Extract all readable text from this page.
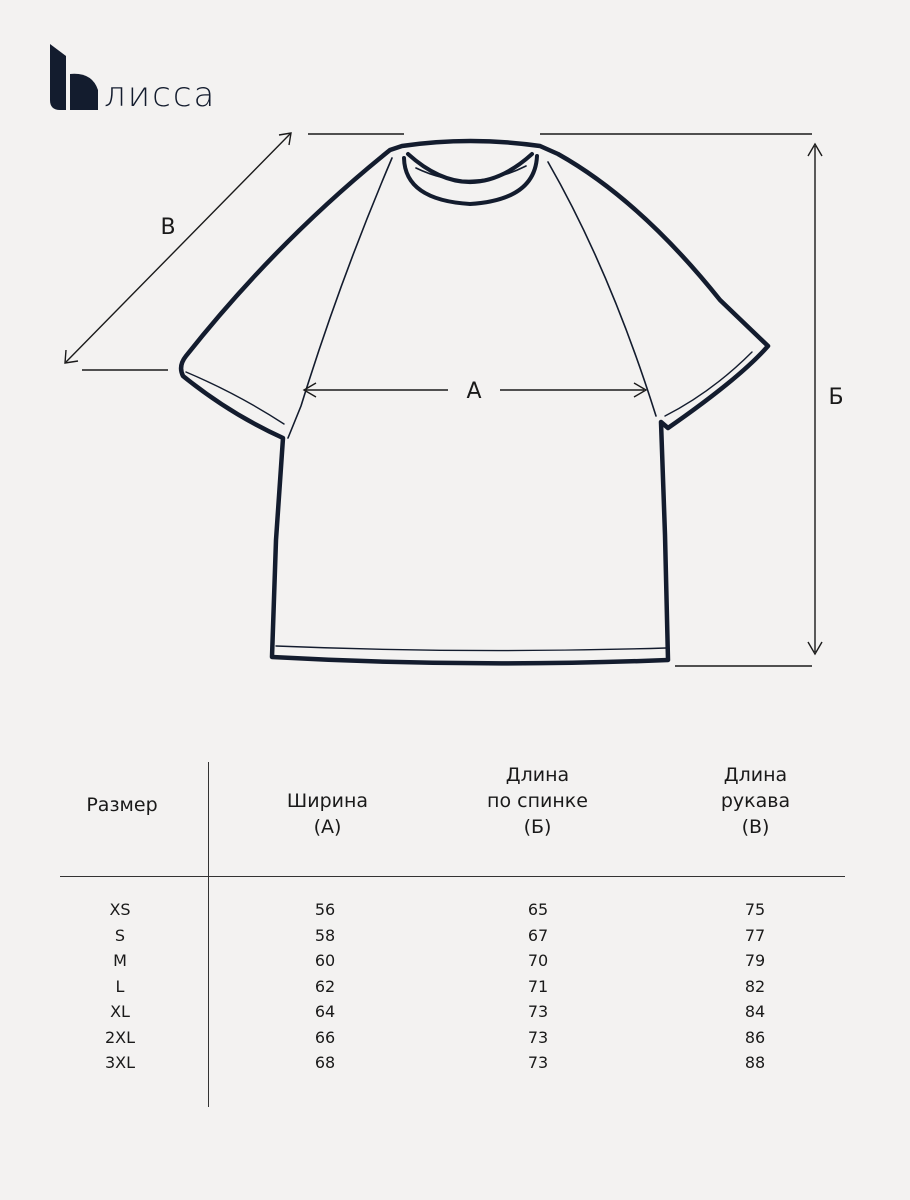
лисса
А	Б
В
Размер	Ширина
(А)
Длина
по спинке
(Б)
Длина
рукава
(В)
XS
S
M
L
XL
2XL
3XL
56
58
60
62
64
66
68
65
67
70
71
73
73
73
75
77
79
82
84
86
88
